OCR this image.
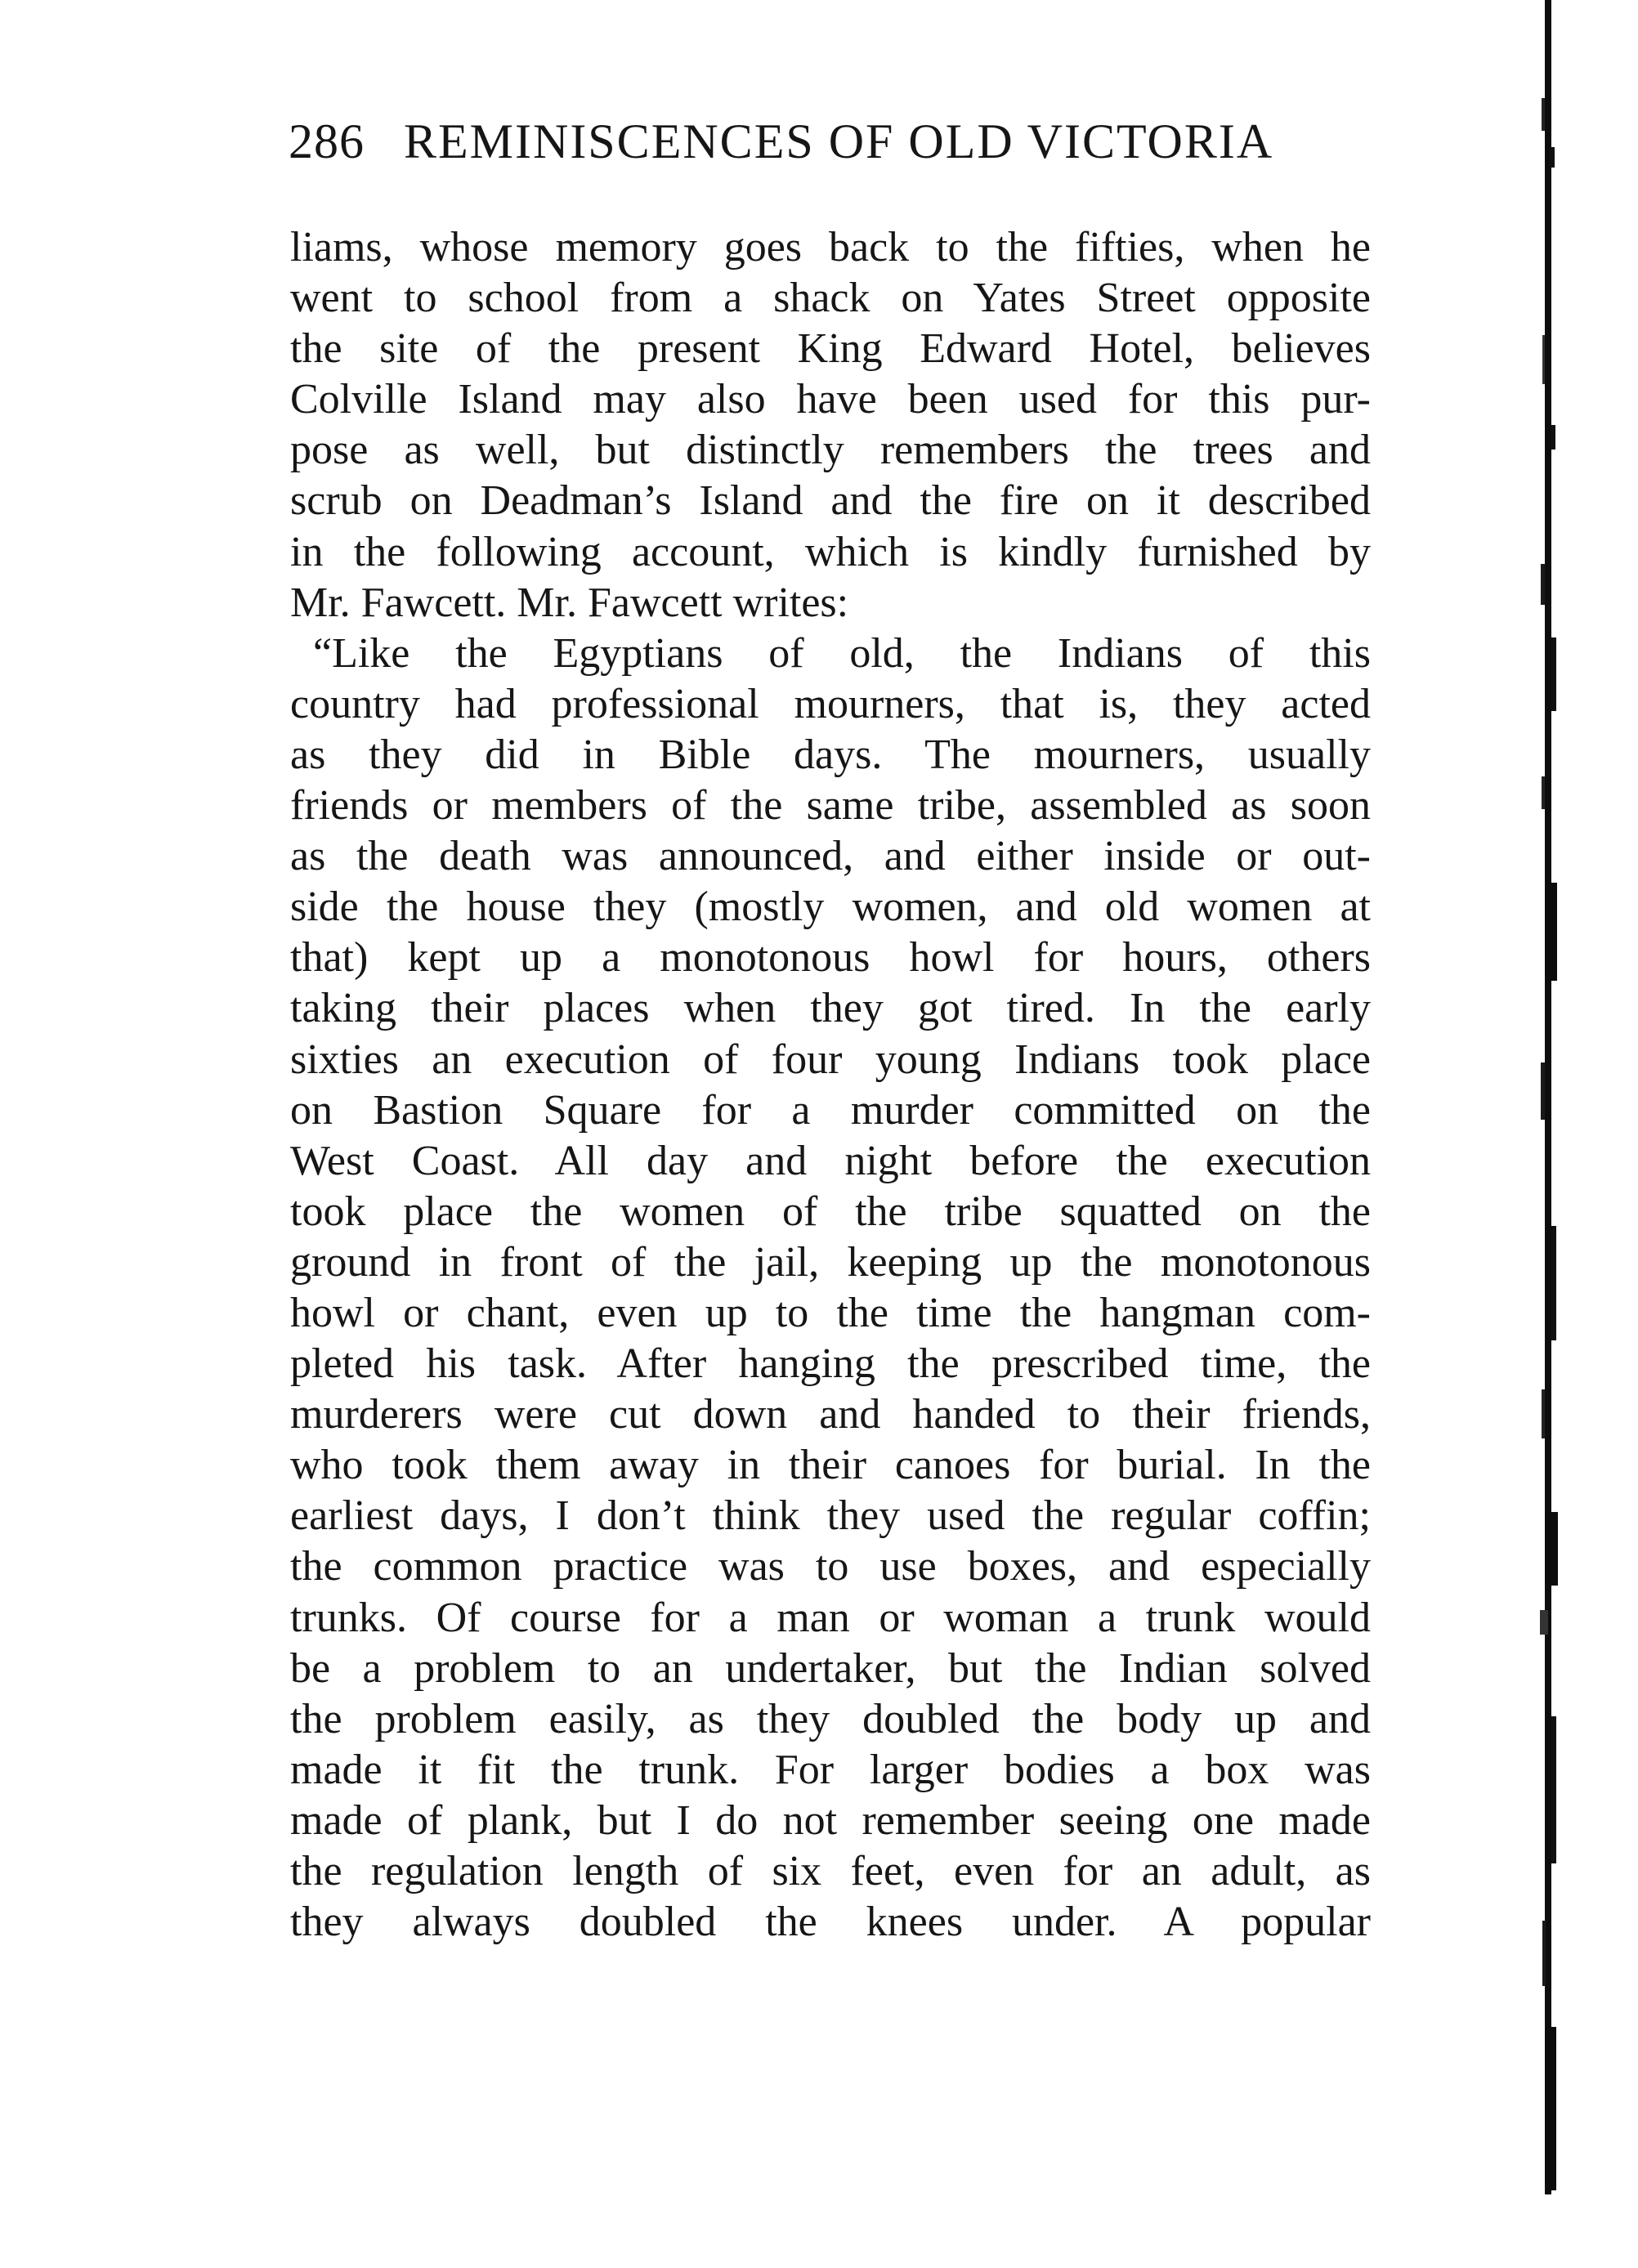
286 REMINISCENCES OF OLD VICTORIA
liams, whose memory goes back to the fifties, when he
went to school from a shack on Yates Street opposite
the site of the present King Edward Hotel, believes
Colville Island may also have been used for this pur-
pose as well, but distinctly remembers the trees and
scrub on Deadman’s Island and the fire on it described
in the following account, which is kindly furnished by
Mr. Fawcett. Mr. Fawcett writes:
“Like the Egyptians of old, the Indians of this
country had professional mourners, that is, they acted
as they did in Bible days. The mourners, usually
friends or members of the same tribe, assembled as soon
as the death was announced, and either inside or out-
side the house they (mostly women, and old women at
that) kept up a monotonous howl for hours, others
taking their places when they got tired. In the early
sixties an execution of four young Indians took place
on Bastion Square for a murder committed on the
West Coast. All day and night before the execution
took place the women of the tribe squatted on the
ground in front of the jail, keeping up the monotonous
howl or chant, even up to the time the hangman com-
pleted his task. After hanging the prescribed time, the
murderers were cut down and handed to their friends,
who took them away in their canoes for burial. In the
earliest days, I don’t think they used the regular coffin;
the common practice was to use boxes, and especially
trunks. Of course for a man or woman a trunk would
be a problem to an undertaker, but the Indian solved
the problem easily, as they doubled the body up and
made it fit the trunk. For larger bodies a box was
made of plank, but I do not remember seeing one made
the regulation length of six feet, even for an adult, as
they always doubled the knees under. A popular
